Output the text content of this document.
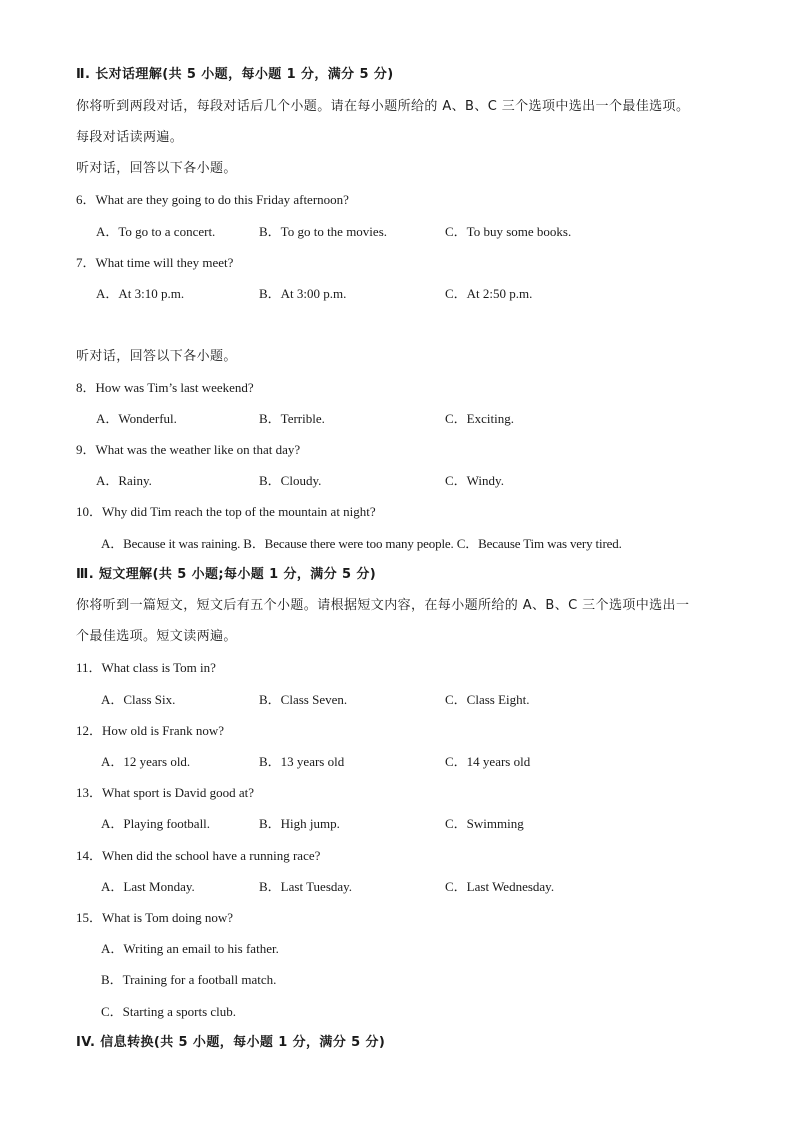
Ⅱ. 长对话理解(共 5 小题，每小题 1 分，满分 5 分)
你将听到两段对话，每段对话后几个小题。请在每小题所给的 A、B、C 三个选项中选出一个最佳选项。
每段对话读两遍。
听对话，回答以下各小题。
6．What are they going to do this Friday afternoon?
A．To go to a concert.	B．To go to the movies.	C．To buy some books.
7．What time will they meet?
A．At 3:10 p.m.	B．At 3:00 p.m.	C．At 2:50 p.m.
听对话，回答以下各小题。
8．How was Tim’s last weekend?
A．Wonderful.	B．Terrible.	C．Exciting.
9．What was the weather like on that day?
A．Rainy.	B．Cloudy.	C．Windy.
10．Why did Tim reach the top of the mountain at night?
A．Because it was raining. B．Because there were too many people. C．Because Tim was very tired.
Ⅲ. 短文理解(共 5 小题;每小题 1 分，满分 5 分)
你将听到一篇短文，短文后有五个小题。请根据短文内容，在每小题所给的 A、B、C 三个选项中选出一
个最佳选项。短文读两遍。
11．What class is Tom in?
A．Class Six.	B．Class Seven.	C．Class Eight.
12．How old is Frank now?
A．12 years old.	B．13 years old	C．14 years old
13．What sport is David good at?
A．Playing football.	B．High jump.	C．Swimming
14．When did the school have a running race?
A．Last Monday.	B．Last Tuesday.	C．Last Wednesday.
15．What is Tom doing now?
A．Writing an email to his father.
B．Training for a football match.
C．Starting a sports club.
IV. 信息转换(共 5 小题，每小题 1 分，满分 5 分)
